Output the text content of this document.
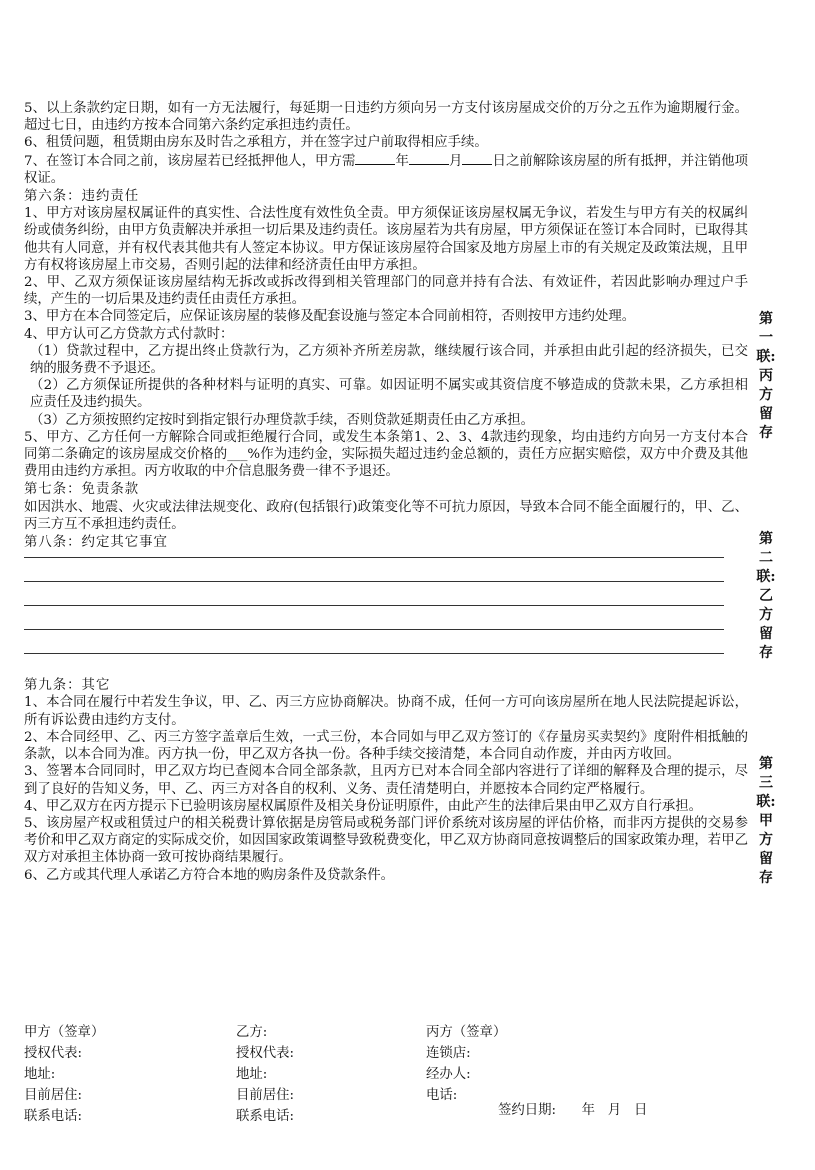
5、以上条款约定日期，如有一方无法履行，每延期一日违约方须向另一方支付该房屋成交价的万分之五作为逾期履行金。超过七日，由违约方按本合同第六条约定承担违约责任。

6、租赁问题，租赁期由房东及时告之承租方，并在签字过户前取得相应手续。

7、在签订本合同之前，该房屋若已经抵押他人，甲方需	年	月 日之前解除该房屋的所有抵押，并注销他项权证。

第六条：违约责任

1、甲方对该房屋权属证件的真实性、合法性度有效性负全责。甲方须保证该房屋权属无争议，若发生与甲方有关的权属纠纷或债务纠纷，由甲方负责解决并承担一切后果及违约责任。该房屋若为共有房屋，甲方须保证在签订本合同时，已取得其他共有人同意，并有权代表其他共有人签定本协议。甲方保证该房屋符合国家及地方房屋上市的有关规定及政策法规，且甲方有权将该房屋上市交易，否则引起的法律和经济责任由甲方承担。

2、甲、乙双方须保证该房屋结构无拆改或拆改得到相关管理部门的同意并持有合法、有效证件，若因此影响办理过户手续，产生的一切后果及违约责任由责任方承担。

3、甲方在本合同签定后，应保证该房屋的装修及配套设施与签定本合同前相符，否则按甲方违约处理。

4、甲方认可乙方贷款方式付款时：

（1）贷款过程中，乙方提出终止贷款行为，乙方须补齐所差房款，继续履行该合同，并承担由此引起的经济损失，已交纳的服务费不予退还。

（2）乙方须保证所提供的各种材料与证明的真实、可靠。如因证明不属实或其资信度不够造成的贷款未果，乙方承担相应责任及违约损失。

（3）乙方须按照约定按时到指定银行办理贷款手续，否则贷款延期责任由乙方承担。

5、甲方、乙方任何一方解除合同或拒绝履行合同，或发生本条第1、2、3、4款违约现象，均由违约方向另一方支付本合同第二条确定的该房屋成交价格的___%作为违约金，实际损失超过违约金总额的，责任方应据实赔偿，双方中介费及其他费用由违约方承担。丙方收取的中介信息服务费一律不予退还。

第七条：免责条款

如因洪水、地震、火灾或法律法规变化、政府(包括银行)政策变化等不可抗力原因，导致本合同不能全面履行的，甲、乙、丙三方互不承担违约责任。

第八条：约定其它事宜

第九条：其它

1、本合同在履行中若发生争议，甲、乙、丙三方应协商解决。协商不成，任何一方可向该房屋所在地人民法院提起诉讼，所有诉讼费由违约方支付。

2、本合同经甲、乙、丙三方签字盖章后生效，一式三份，本合同如与甲乙双方签订的《存量房买卖契约》度附件相抵触的条款，以本合同为准。丙方执一份，甲乙双方各执一份。各种手续交接清楚，本合同自动作废，并由丙方收回。

3、签署本合同同时，甲乙双方均已查阅本合同全部条款，且丙方已对本合同全部内容进行了详细的解释及合理的提示，尽到了良好的告知义务，甲、乙、丙三方对各自的权利、义务、责任清楚明白，并愿按本合同约定严格履行。

4、甲乙双方在丙方提示下已验明该房屋权属原件及相关身份证明原件，由此产生的法律后果由甲乙双方自行承担。

5、该房屋产权或租赁过户的相关税费计算依据是房管局或税务部门评价系统对该房屋的评估价格，而非丙方提供的交易参考价和甲乙双方商定的实际成交价，如因国家政策调整导致税费变化，甲乙双方协商同意按调整后的国家政策办理，若甲乙双方对承担主体协商一致可按协商结果履行。

6、乙方或其代理人承诺乙方符合本地的购房条件及贷款条件。

第一联:
丙方留存
第二联:
乙方留存
第三联:
甲方留存
甲方（签章）
授权代表:
地址:
目前居住:
联系电话:
乙方:
授权代表:
地址:
目前居住:
联系电话:
丙方（签章）
连锁店:
经办人:
电话:
签约日期: 年 月 日
